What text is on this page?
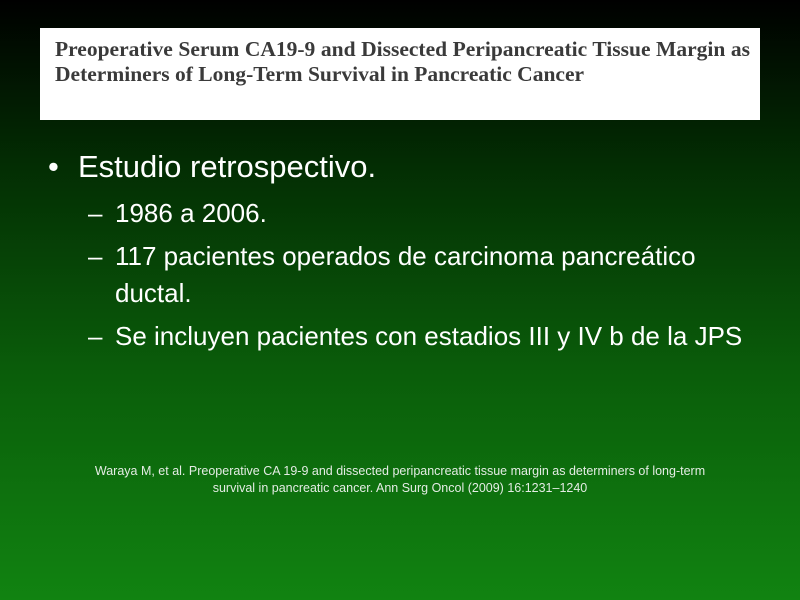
Preoperative Serum CA19-9 and Dissected Peripancreatic Tissue Margin as Determiners of Long-Term Survival in Pancreatic Cancer

• Estudio retrospectivo.
– 1986 a 2006.
– 117 pacientes operados de carcinoma pancreático ductal.
– Se incluyen pacientes con estadios III y IV b de la JPS
Waraya M, et al. Preoperative CA 19-9 and dissected peripancreatic tissue margin as determiners of long-term
survival in pancreatic cancer. Ann Surg Oncol (2009) 16:1231–1240
